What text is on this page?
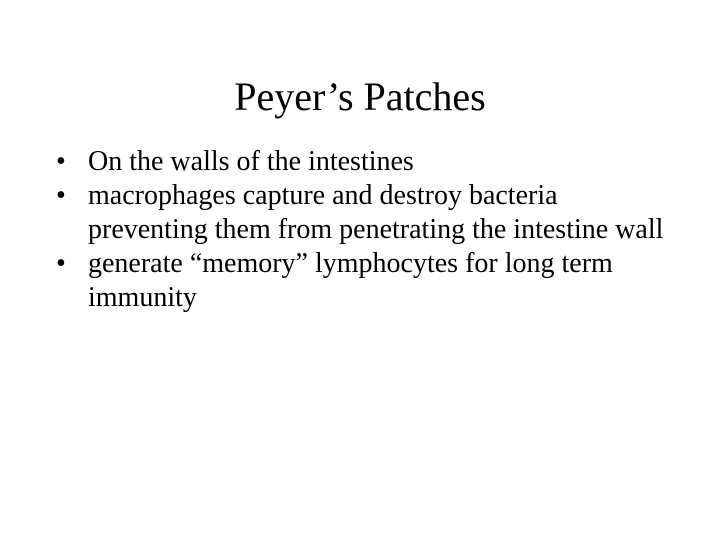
Peyer’s Patches
• On the walls of the intestines
• macrophages capture and destroy bacteria preventing them from penetrating the intestine wall
• generate “memory” lymphocytes for long term immunity
